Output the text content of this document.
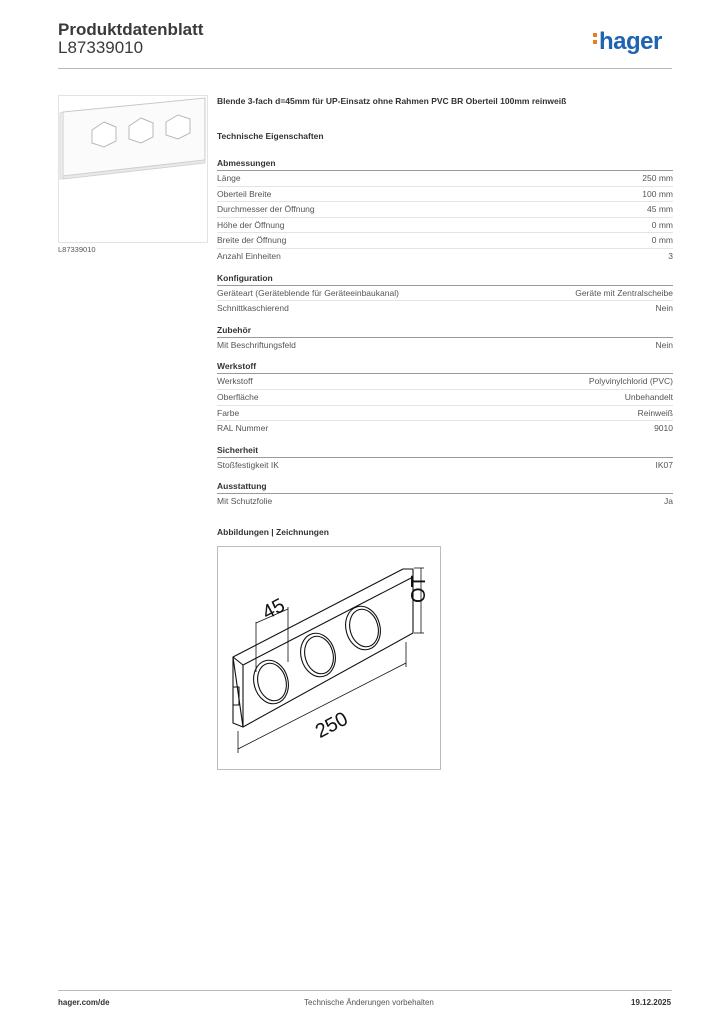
Produktdatenblatt
L87339010	hager
L87339010
Blende 3-fach d=45mm für UP-Einsatz ohne Rahmen PVC BR Oberteil 100mm reinweiß
Technische Eigenschaften
Abmessungen
Länge	250 mm
Oberteil Breite	100 mm
Durchmesser der Öffnung	45 mm
Höhe der Öffnung	0 mm
Breite der Öffnung	0 mm
Anzahl Einheiten	3
Konfiguration
Geräteart (Geräteblende für Geräteeinbaukanal)	Geräte mit Zentralscheibe
Schnittkaschierend	Nein
Zubehör
Mit Beschriftungsfeld	Nein
Werkstoff
Werkstoff	Polyvinylchlorid (PVC)
Oberfläche	Unbehandelt
Farbe	Reinweiß
RAL Nummer	9010
Sicherheit
Stoßfestigkeit IK	IK07
Ausstattung
Mit Schutzfolie	Ja
Abbildungen | Zeichnungen
45
OT
250
hager.com/de	Technische Änderungen vorbehalten	19.12.2025
